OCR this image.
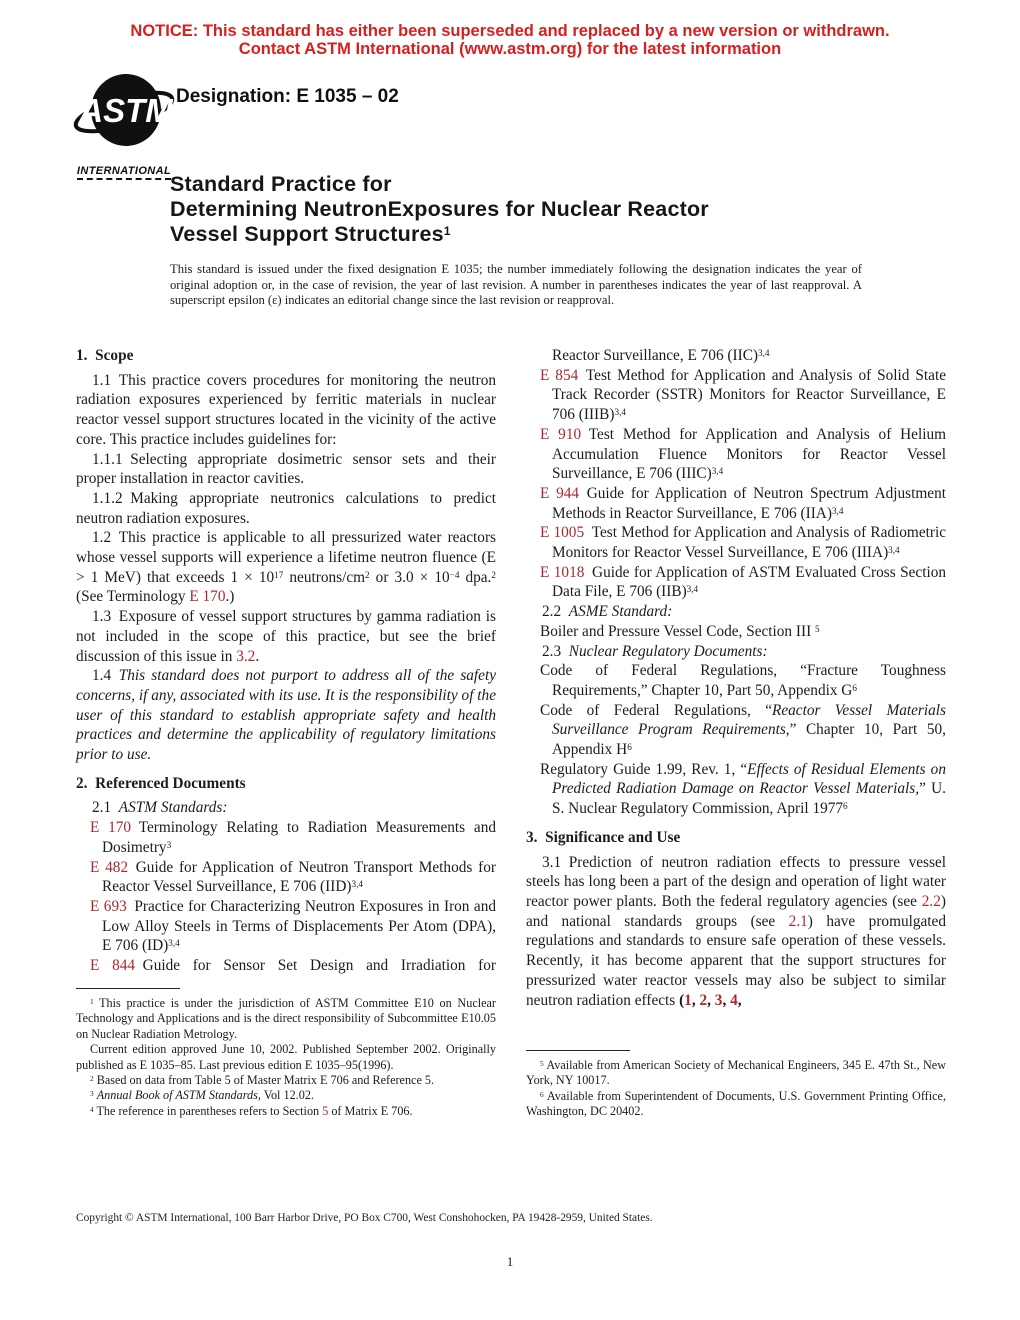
NOTICE: This standard has either been superseded and replaced by a new version or withdrawn.
Contact ASTM International (www.astm.org) for the latest information
ASTM
INTERNATIONAL
Designation: E 1035 – 02
Standard Practice for
Determining NeutronExposures for Nuclear Reactor
Vessel Support Structures$^1$
This standard is issued under the fixed designation E 1035; the number immediately following the designation indicates the year of original adoption or, in the case of revision, the year of last revision. A number in parentheses indicates the year of last reapproval. A superscript epsilon (ε) indicates an editorial change since the last revision or reapproval.

1. Scope

1.1 This practice covers procedures for monitoring the neutron radiation exposures experienced by ferritic materials in nuclear reactor vessel support structures located in the vicinity of the active core. This practice includes guidelines for:

1.1.1 Selecting appropriate dosimetric sensor sets and their proper installation in reactor cavities.

1.1.2 Making appropriate neutronics calculations to predict neutron radiation exposures.

1.2 This practice is applicable to all pressurized water reactors whose vessel supports will experience a lifetime neutron fluence (E > 1 MeV) that exceeds $1 \times 10^{17}$ neutrons/$cm^2$ or $3.0 \times 10^{-4}$ dpa.$^2$ (See Terminology E 170.)

1.3 Exposure of vessel support structures by gamma radiation is not included in the scope of this practice, but see the brief discussion of this issue in 3.2.

1.4 This standard does not purport to address all of the safety concerns, if any, associated with its use. It is the responsibility of the user of this standard to establish appropriate safety and health practices and determine the applicability of regulatory limitations prior to use.

2. Referenced Documents

2.1 ASTM Standards:

E 170 Terminology Relating to Radiation Measurements and Dosimetry$^3$

E 482 Guide for Application of Neutron Transport Methods for Reactor Vessel Surveillance, E 706 (IID)$^{3,4}$

E 693 Practice for Characterizing Neutron Exposures in Iron and Low Alloy Steels in Terms of Displacements Per Atom (DPA), E 706 (ID)$^{3,4}$

E 844 Guide for Sensor Set Design and Irradiation for

Reactor Surveillance, E 706 (IIC)$^{3,4}$

E 854 Test Method for Application and Analysis of Solid State Track Recorder (SSTR) Monitors for Reactor Surveillance, E 706 (IIIB)$^{3,4}$

E 910 Test Method for Application and Analysis of Helium Accumulation Fluence Monitors for Reactor Vessel Surveillance, E 706 (IIIC)$^{3,4}$

E 944 Guide for Application of Neutron Spectrum Adjustment Methods in Reactor Surveillance, E 706 (IIA)$^{3,4}$

E 1005 Test Method for Application and Analysis of Radiometric Monitors for Reactor Vessel Surveillance, E 706 (IIIA)$^{3,4}$

E 1018 Guide for Application of ASTM Evaluated Cross Section Data File, E 706 (IIB)$^{3,4}$

2.2 ASME Standard:

Boiler and Pressure Vessel Code, Section III $^5$

2.3 Nuclear Regulatory Documents:

Code of Federal Regulations, “Fracture Toughness Requirements,” Chapter 10, Part 50, Appendix $G^6$

Code of Federal Regulations, “Reactor Vessel Materials Surveillance Program Requirements,” Chapter 10, Part 50, Appendix $H^6$

Regulatory Guide 1.99, Rev. 1, “Effects of Residual Elements on Predicted Radiation Damage on Reactor Vessel Materials,” U. S. Nuclear Regulatory Commission, April 1977$^6$

3. Significance and Use

3.1 Prediction of neutron radiation effects to pressure vessel steels has long been a part of the design and operation of light water reactor power plants. Both the federal regulatory agencies (see 2.2) and national standards groups (see 2.1) have promulgated regulations and standards to ensure safe operation of these vessels. Recently, it has become apparent that the support structures for pressurized water reactor vessels may also be subject to similar neutron radiation effects (1, 2, 3, 4,

$^1$ This practice is under the jurisdiction of ASTM Committee E10 on Nuclear Technology and Applications and is the direct responsibility of Subcommittee E10.05 on Nuclear Radiation Metrology.

Current edition approved June 10, 2002. Published September 2002. Originally published as E 1035–85. Last previous edition E 1035–95(1996).

$^2$ Based on data from Table 5 of Master Matrix E 706 and Reference 5.

$^3$ Annual Book of ASTM Standards, Vol 12.02.

$^4$ The reference in parentheses refers to Section 5 of Matrix E 706.

$^5$ Available from American Society of Mechanical Engineers, 345 E. 47th St., New York, NY 10017.

$^6$ Available from Superintendent of Documents, U.S. Government Printing Office, Washington, DC 20402.

Copyright © ASTM International, 100 Barr Harbor Drive, PO Box C700, West Conshohocken, PA 19428-2959, United States.
1
